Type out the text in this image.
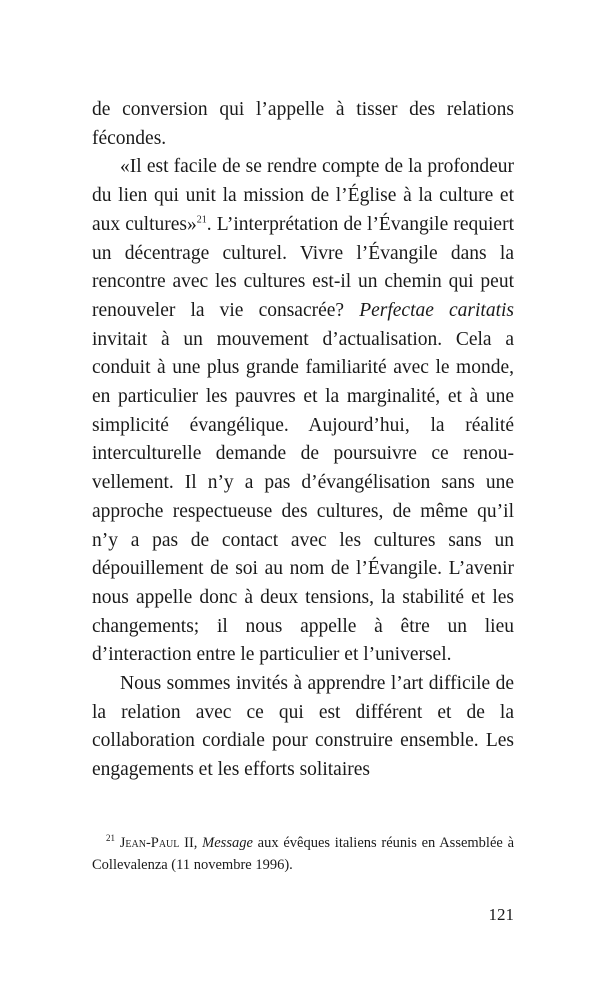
de conversion qui l’appelle à tisser des relations fécondes.

«Il est facile de se rendre compte de la profondeur du lien qui unit la mission de l’Église à la culture et aux cultures»$^{21}$. L’interprétation de l’Évangile requiert un décentrage culturel. Vivre l’Évangile dans la rencontre avec les cultures est-il un chemin qui peut renouveler la vie consacrée? Perfectae caritatis invitait à un mouvement d’actualisation. Cela a conduit à une plus grande familiarité avec le monde, en particulier les pauvres et la marginalité, et à une simplicité évangélique. Aujourd’hui, la réalité interculturelle demande de poursuivre ce renouvellement. Il n’y a pas d’évangélisation sans une approche respectueuse des cultures, de même qu’il n’y a pas de contact avec les cultures sans un dépouillement de soi au nom de l’Évangile. L’avenir nous appelle donc à deux tensions, la stabilité et les changements; il nous appelle à être un lieu d’interaction entre le particulier et l’universel.

Nous sommes invités à apprendre l’art difficile de la relation avec ce qui est différent et de la collaboration cordiale pour construire ensemble. Les engagements et les efforts solitaires

$^{21}$ Jean-Paul II, Message aux évêques italiens réunis en Assemblée à Collevalenza (11 novembre 1996).

121
